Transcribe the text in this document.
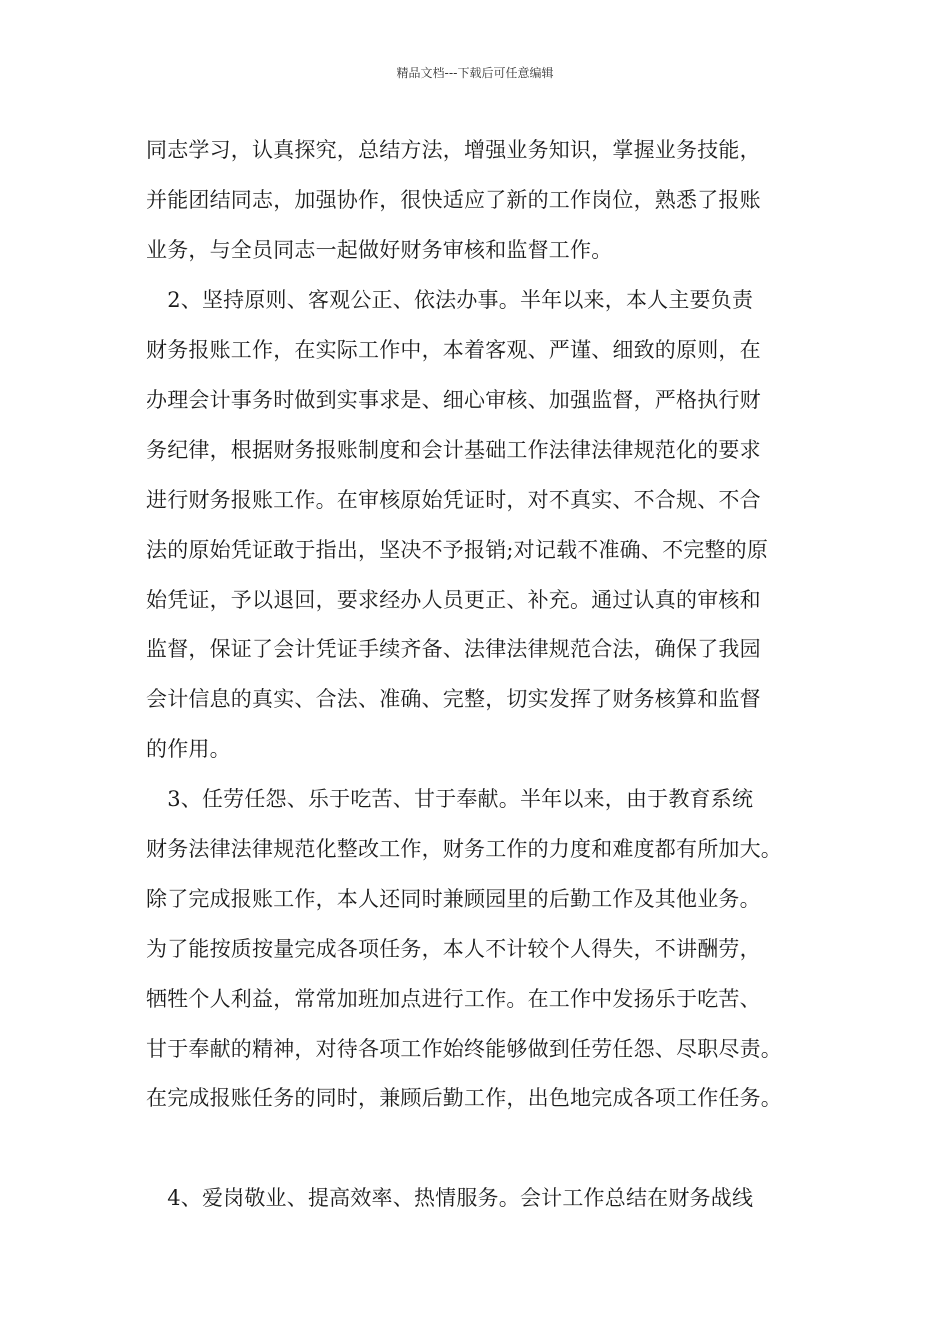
精品文档---下载后可任意编辑
同志学习，认真探究，总结方法，增强业务知识，掌握业务技能，
并能团结同志，加强协作，很快适应了新的工作岗位，熟悉了报账
业务，与全员同志一起做好财务审核和监督工作。
　2、坚持原则、客观公正、依法办事。半年以来，本人主要负责
财务报账工作，在实际工作中，本着客观、严谨、细致的原则，在
办理会计事务时做到实事求是、细心审核、加强监督，严格执行财
务纪律，根据财务报账制度和会计基础工作法律法律规范化的要求
进行财务报账工作。在审核原始凭证时，对不真实、不合规、不合
法的原始凭证敢于指出，坚决不予报销;对记载不准确、不完整的原
始凭证，予以退回，要求经办人员更正、补充。通过认真的审核和
监督，保证了会计凭证手续齐备、法律法律规范合法，确保了我园
会计信息的真实、合法、准确、完整，切实发挥了财务核算和监督
的作用。
　3、任劳任怨、乐于吃苦、甘于奉献。半年以来，由于教育系统
财务法律法律规范化整改工作，财务工作的力度和难度都有所加大。
除了完成报账工作，本人还同时兼顾园里的后勤工作及其他业务。
为了能按质按量完成各项任务，本人不计较个人得失，不讲酬劳，
牺牲个人利益，常常加班加点进行工作。在工作中发扬乐于吃苦、
甘于奉献的精神，对待各项工作始终能够做到任劳任怨、尽职尽责。
在完成报账任务的同时，兼顾后勤工作，出色地完成各项工作任务。
　4、爱岗敬业、提高效率、热情服务。会计工作总结在财务战线
